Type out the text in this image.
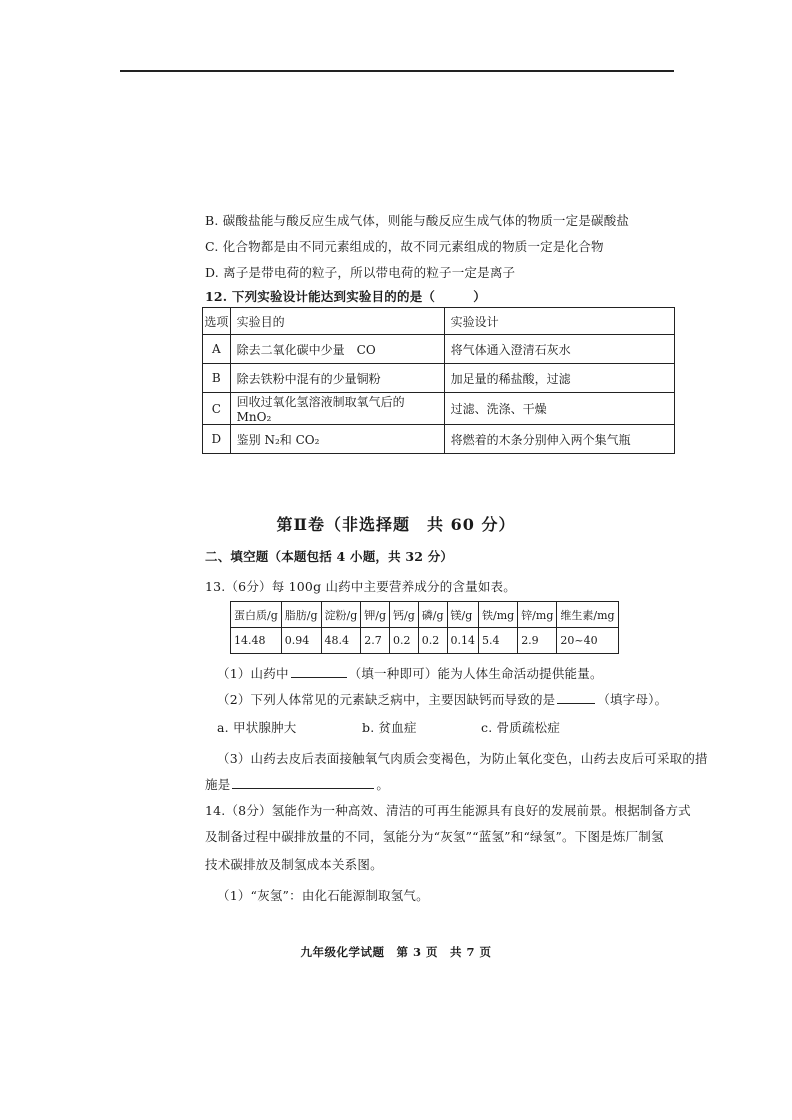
B. 碳酸盐能与酸反应生成气体，则能与酸反应生成气体的物质一定是碳酸盐
C. 化合物都是由不同元素组成的，故不同元素组成的物质一定是化合物
D. 离子是带电荷的粒子，所以带电荷的粒子一定是离子
12. 下列实验设计能达到实验目的的是（　　　）
选项	实验目的	实验设计
A	除去二氧化碳中少量　CO	将气体通入澄清石灰水
B	除去铁粉中混有的少量铜粉	加足量的稀盐酸，过滤
C	回收过氧化氢溶液制取氧气后的 MnO₂	过滤、洗涤、干燥
D	鉴别 N₂和 CO₂	将燃着的木条分别伸入两个集气瓶
第Ⅱ卷（非选择题　共 60 分）
二、填空题（本题包括 4 小题，共 32 分）
13.（6分）每 100g 山药中主要营养成分的含量如表。
蛋白质/g	脂肪/g	淀粉/g	钾/g	钙/g	磷/g	镁/g	铁/mg	锌/mg	维生素/mg
14.48	0.94	48.4	2.7	0.2	0.2	0.14	5.4	2.9	20~40
（1）山药中	（填一种即可）能为人体生命活动提供能量。
（2）下列人体常见的元素缺乏病中，主要因缺钙而导致的是	（填字母）。
a. 甲状腺肿大	b. 贫血症	c. 骨质疏松症
（3）山药去皮后表面接触氧气肉质会变褐色，为防止氧化变色，山药去皮后可采取的措
施是	。
14.（8分）氢能作为一种高效、清洁的可再生能源具有良好的发展前景。根据制备方式
及制备过程中碳排放量的不同，氢能分为“灰氢”“蓝氢”和“绿氢”。下图是炼厂制氢
技术碳排放及制氢成本关系图。
（1）“灰氢”：由化石能源制取氢气。
九年级化学试题　第 3 页　共 7 页
